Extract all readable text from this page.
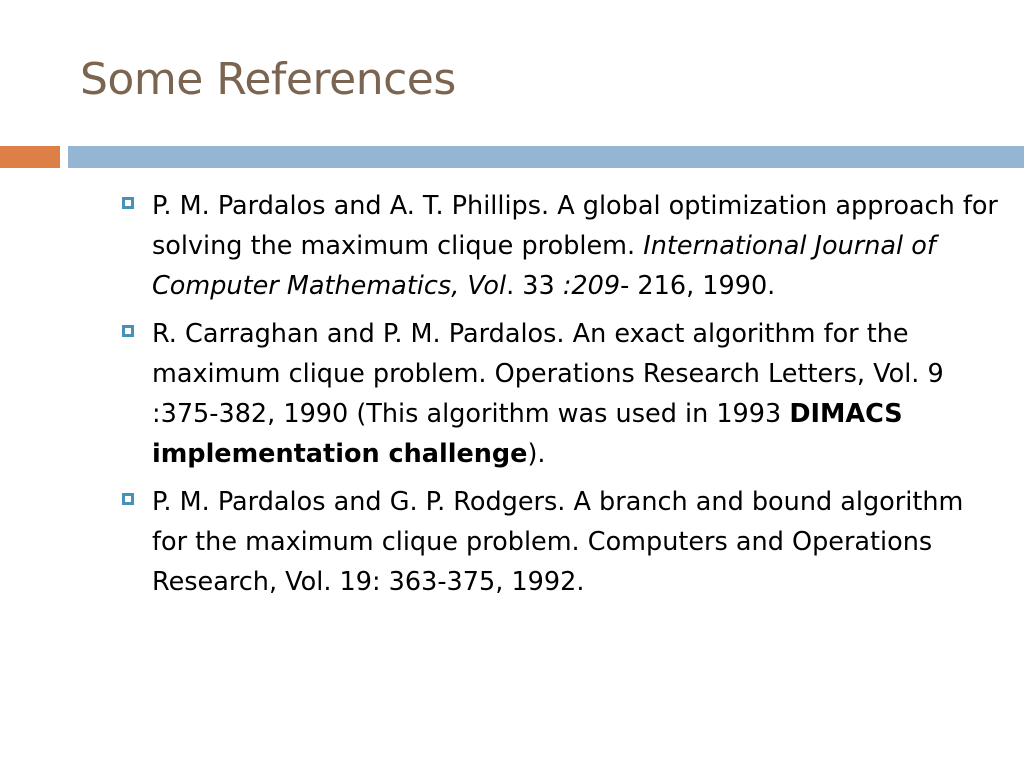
Some References
P. M. Pardalos and A. T. Phillips. A global optimization approach for solving the maximum clique problem. International Journal of Computer Mathematics, Vol. 33 :209- 216, 1990.
R. Carraghan and P. M. Pardalos. An exact algorithm for the maximum clique problem. Operations Research Letters, Vol. 9 :375-382, 1990 (This algorithm was used in 1993 DIMACS implementation challenge).
P. M. Pardalos and G. P. Rodgers. A branch and bound algorithm for the maximum clique problem. Computers and Operations Research, Vol. 19: 363-375, 1992.
